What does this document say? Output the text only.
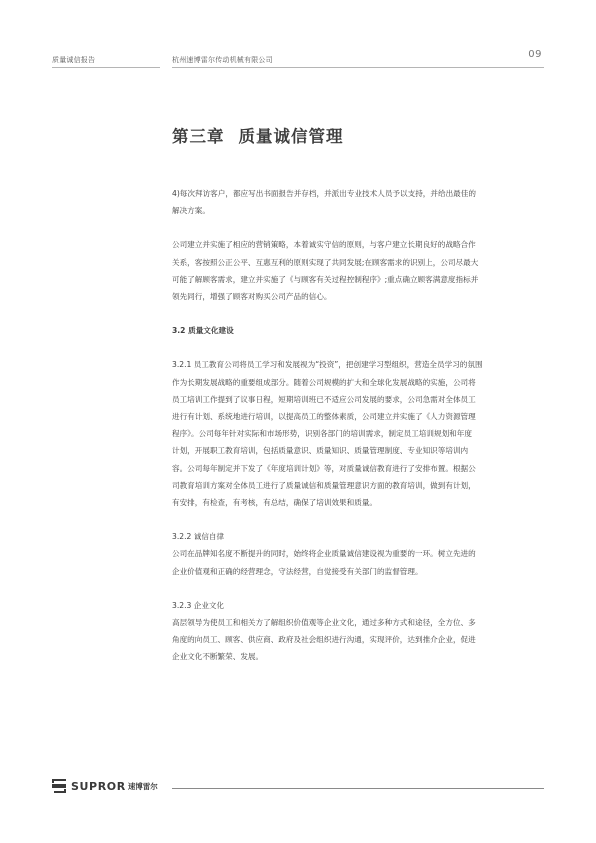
质量诚信报告	杭州速博雷尔传动机械有限公司	09
第三章 质量诚信管理

4)每次拜访客户，都应写出书面报告并存档，并派出专业技术人员予以支持，并给出最佳的

解决方案。

公司建立并实施了相应的营销策略，本着诚实守信的原则，与客户建立长期良好的战略合作

关系，客按照公正公平、互惠互利的原则实现了共同发展;在顾客需求的识别上，公司尽最大

可能了解顾客需求，建立并实施了《与顾客有关过程控制程序》;重点确立顾客满意度指标并

领先同行，增强了顾客对购买公司产品的信心。

3.2 质量文化建设

3.2.1 员工教育公司将员工学习和发展视为“投资”，把创建学习型组织，营造全员学习的氛围

作为长期发展战略的重要组成部分。随着公司规模的扩大和全球化发展战略的实施，公司将

员工培训工作提到了议事日程，短期培训班已不适应公司发展的要求，公司急需对全体员工

进行有计划、系统地进行培训，以提高员工的整体素质，公司建立并实施了《人力资源管理

程序》。公司每年针对实际和市场形势，识别各部门的培训需求，制定员工培训规划和年度

计划，开展职工教育培训，包括质量意识、质量知识、质量管理制度、专业知识等培训内

容。公司每年制定并下发了《年度培训计划》等，对质量诚信教育进行了安排布置。根据公

司教育培训方案对全体员工进行了质量诚信和质量管理意识方面的教育培训，做到有计划，

有安排，有检查，有考核，有总结，确保了培训效果和质量。

3.2.2 诚信自律

公司在品牌知名度不断提升的同时，始终将企业质量诚信建设视为重要的一环。树立先进的

企业价值观和正确的经营理念，守法经营，自觉接受有关部门的监督管理。

3.2.3 企业文化

高层领导为使员工和相关方了解组织价值观等企业文化，通过多种方式和途径，全方位、多

角度的向员工、顾客、供应商、政府及社会组织进行沟通，实现评价，达到推介企业，促进

企业文化不断繁荣、发展。

SUPROR 速博雷尔
